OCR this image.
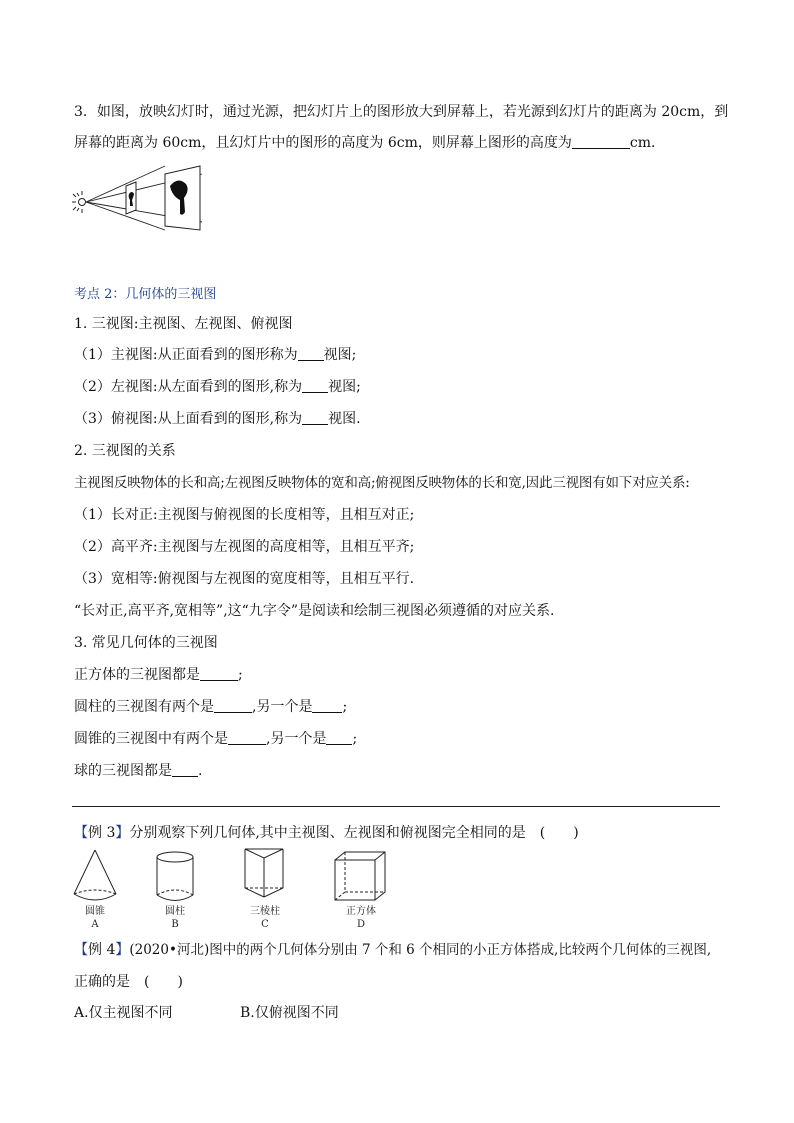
3．如图，放映幻灯时，通过光源，把幻灯片上的图形放大到屏幕上，若光源到幻灯片的距离为 20cm，到
屏幕的距离为 60cm，且幻灯片中的图形的高度为 6cm，则屏幕上图形的高度为	cm．
考点 2：几何体的三视图
1. 三视图:主视图、左视图、俯视图
（1）主视图:从正面看到的图形称为 视图;
（2）左视图:从左面看到的图形,称为 视图;
（3）俯视图:从上面看到的图形,称为 视图.
2. 三视图的关系
主视图反映物体的长和高;左视图反映物体的宽和高;俯视图反映物体的长和宽,因此三视图有如下对应关系:
（1）长对正:主视图与俯视图的长度相等，且相互对正;
（2）高平齐:主视图与左视图的高度相等，且相互平齐;
（3）宽相等:俯视图与左视图的宽度相等，且相互平行.
“长对正,高平齐,宽相等”,这“九字令”是阅读和绘制三视图必须遵循的对应关系.
3. 常见几何体的三视图
正方体的三视图都是	;
圆柱的三视图有两个是	,另一个是 ;
圆锥的三视图中有两个是	,另一个是 ;
球的三视图都是 .
【例 3】分别观察下列几何体,其中主视图、左视图和俯视图完全相同的是　(　　)
圆锥
A
圆柱
B
三棱柱
C
正方体
D
【例 4】(2020•河北)图中的两个几何体分别由 7 个和 6 个相同的小正方体搭成,比较两个几何体的三视图,
正确的是　(　　)
A.仅主视图不同	B.仅俯视图不同
